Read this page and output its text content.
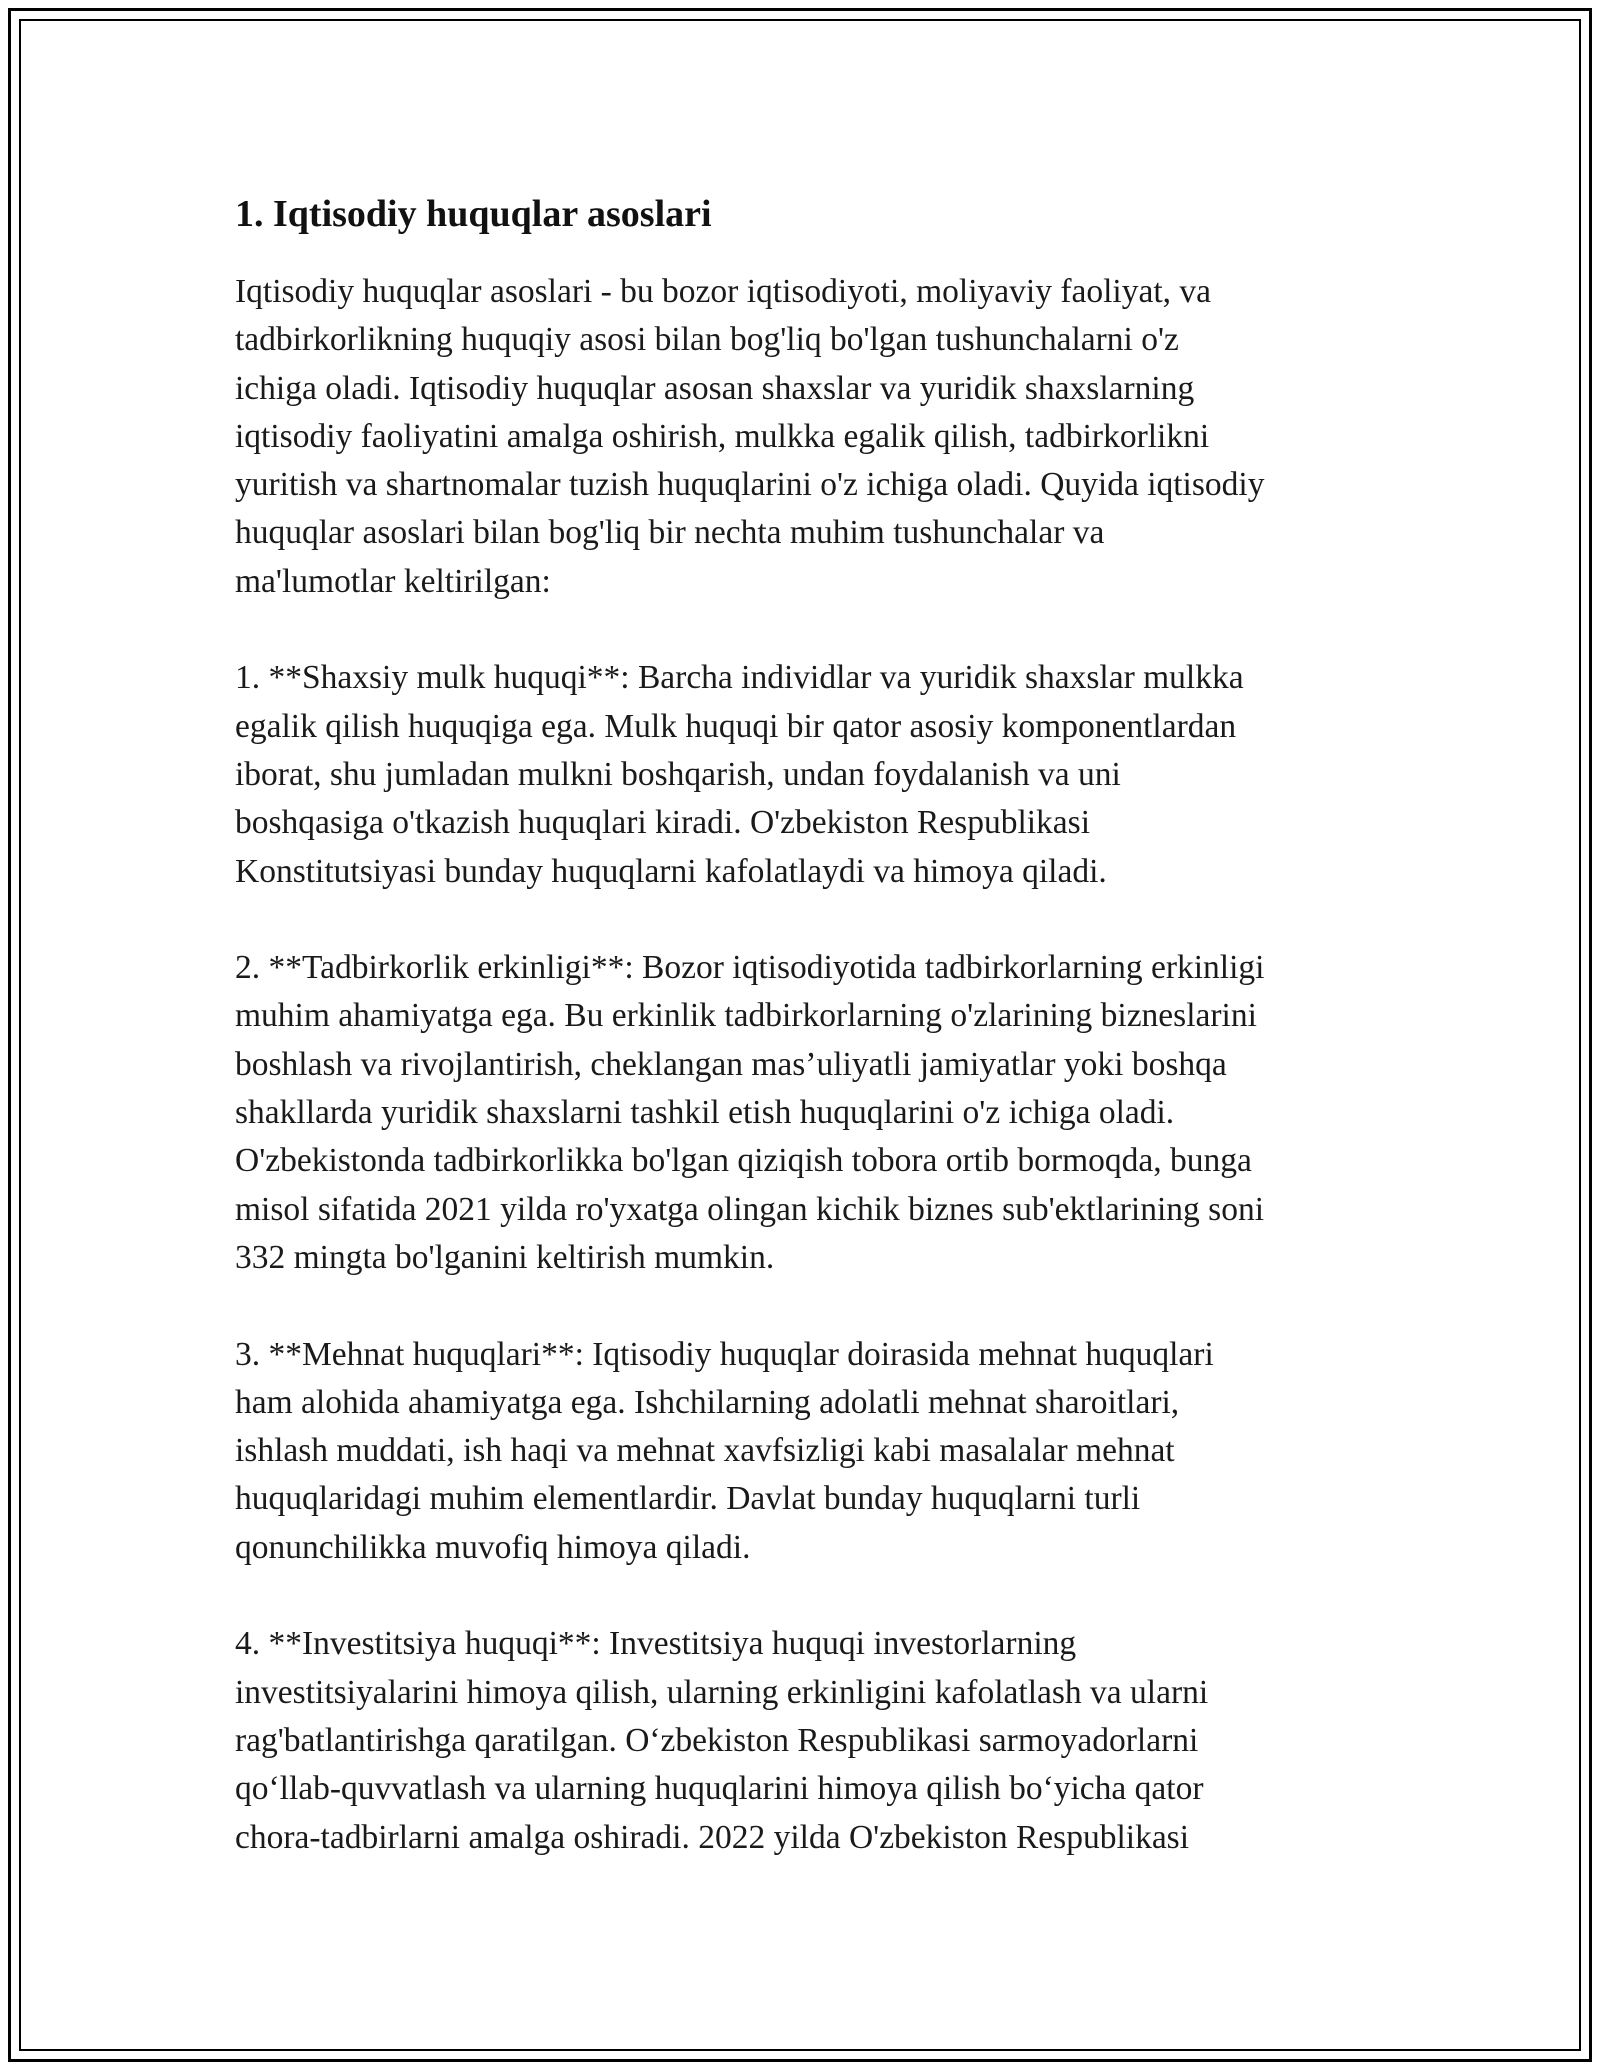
1. Iqtisodiy huquqlar asoslari

Iqtisodiy huquqlar asoslari - bu bozor iqtisodiyoti, moliyaviy faoliyat, va
tadbirkorlikning huquqiy asosi bilan bog'liq bo'lgan tushunchalarni o'z
ichiga oladi. Iqtisodiy huquqlar asosan shaxslar va yuridik shaxslarning
iqtisodiy faoliyatini amalga oshirish, mulkka egalik qilish, tadbirkorlikni
yuritish va shartnomalar tuzish huquqlarini o'z ichiga oladi. Quyida iqtisodiy
huquqlar asoslari bilan bog'liq bir nechta muhim tushunchalar va
ma'lumotlar keltirilgan:

1. **Shaxsiy mulk huquqi**: Barcha individlar va yuridik shaxslar mulkka
egalik qilish huquqiga ega. Mulk huquqi bir qator asosiy komponentlardan
iborat, shu jumladan mulkni boshqarish, undan foydalanish va uni
boshqasiga o'tkazish huquqlari kiradi. O'zbekiston Respublikasi
Konstitutsiyasi bunday huquqlarni kafolatlaydi va himoya qiladi.

2. **Tadbirkorlik erkinligi**: Bozor iqtisodiyotida tadbirkorlarning erkinligi
muhim ahamiyatga ega. Bu erkinlik tadbirkorlarning o'zlarining bizneslarini
boshlash va rivojlantirish, cheklangan mas’uliyatli jamiyatlar yoki boshqa
shakllarda yuridik shaxslarni tashkil etish huquqlarini o'z ichiga oladi.
O'zbekistonda tadbirkorlikka bo'lgan qiziqish tobora ortib bormoqda, bunga
misol sifatida 2021 yilda ro'yxatga olingan kichik biznes sub'ektlarining soni
332 mingta bo'lganini keltirish mumkin.

3. **Mehnat huquqlari**: Iqtisodiy huquqlar doirasida mehnat huquqlari
ham alohida ahamiyatga ega. Ishchilarning adolatli mehnat sharoitlari,
ishlash muddati, ish haqi va mehnat xavfsizligi kabi masalalar mehnat
huquqlaridagi muhim elementlardir. Davlat bunday huquqlarni turli
qonunchilikka muvofiq himoya qiladi.

4. **Investitsiya huquqi**: Investitsiya huquqi investorlarning
investitsiyalarini himoya qilish, ularning erkinligini kafolatlash va ularni
rag'batlantirishga qaratilgan. O‘zbekiston Respublikasi sarmoyadorlarni
qo‘llab-quvvatlash va ularning huquqlarini himoya qilish bo‘yicha qator
chora-tadbirlarni amalga oshiradi. 2022 yilda O'zbekiston Respublikasi
